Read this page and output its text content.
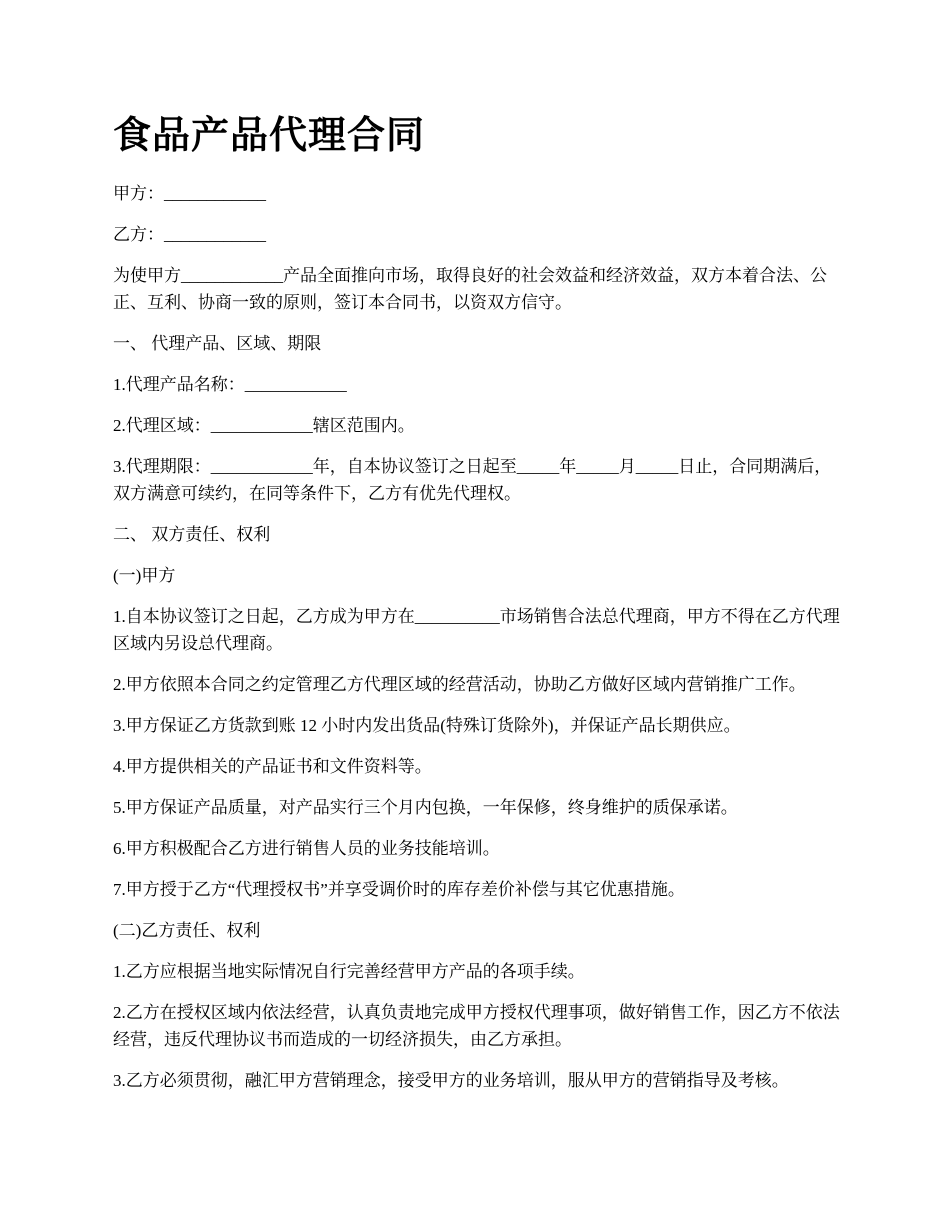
食品产品代理合同

甲方：____________

乙方：____________

为使甲方____________产品全面推向市场，取得良好的社会效益和经济效益，双方本着合法、公正、互利、协商一致的原则，签订本合同书，以资双方信守。

一、 代理产品、区域、期限

1.代理产品名称：____________

2.代理区域：____________辖区范围内。

3.代理期限：____________年，自本协议签订之日起至_____年_____月_____日止，合同期满后，双方满意可续约，在同等条件下，乙方有优先代理权。

二、 双方责任、权利

(一)甲方

1.自本协议签订之日起，乙方成为甲方在__________市场销售合法总代理商，甲方不得在乙方代理区域内另设总代理商。

2.甲方依照本合同之约定管理乙方代理区域的经营活动，协助乙方做好区域内营销推广工作。

3.甲方保证乙方货款到账 12 小时内发出货品(特殊订货除外)，并保证产品长期供应。

4.甲方提供相关的产品证书和文件资料等。

5.甲方保证产品质量，对产品实行三个月内包换，一年保修，终身维护的质保承诺。

6.甲方积极配合乙方进行销售人员的业务技能培训。

7.甲方授于乙方“代理授权书”并享受调价时的库存差价补偿与其它优惠措施。

(二)乙方责任、权利

1.乙方应根据当地实际情况自行完善经营甲方产品的各项手续。

2.乙方在授权区域内依法经营，认真负责地完成甲方授权代理事项，做好销售工作，因乙方不依法经营，违反代理协议书而造成的一切经济损失，由乙方承担。

3.乙方必须贯彻，融汇甲方营销理念，接受甲方的业务培训，服从甲方的营销指导及考核。
